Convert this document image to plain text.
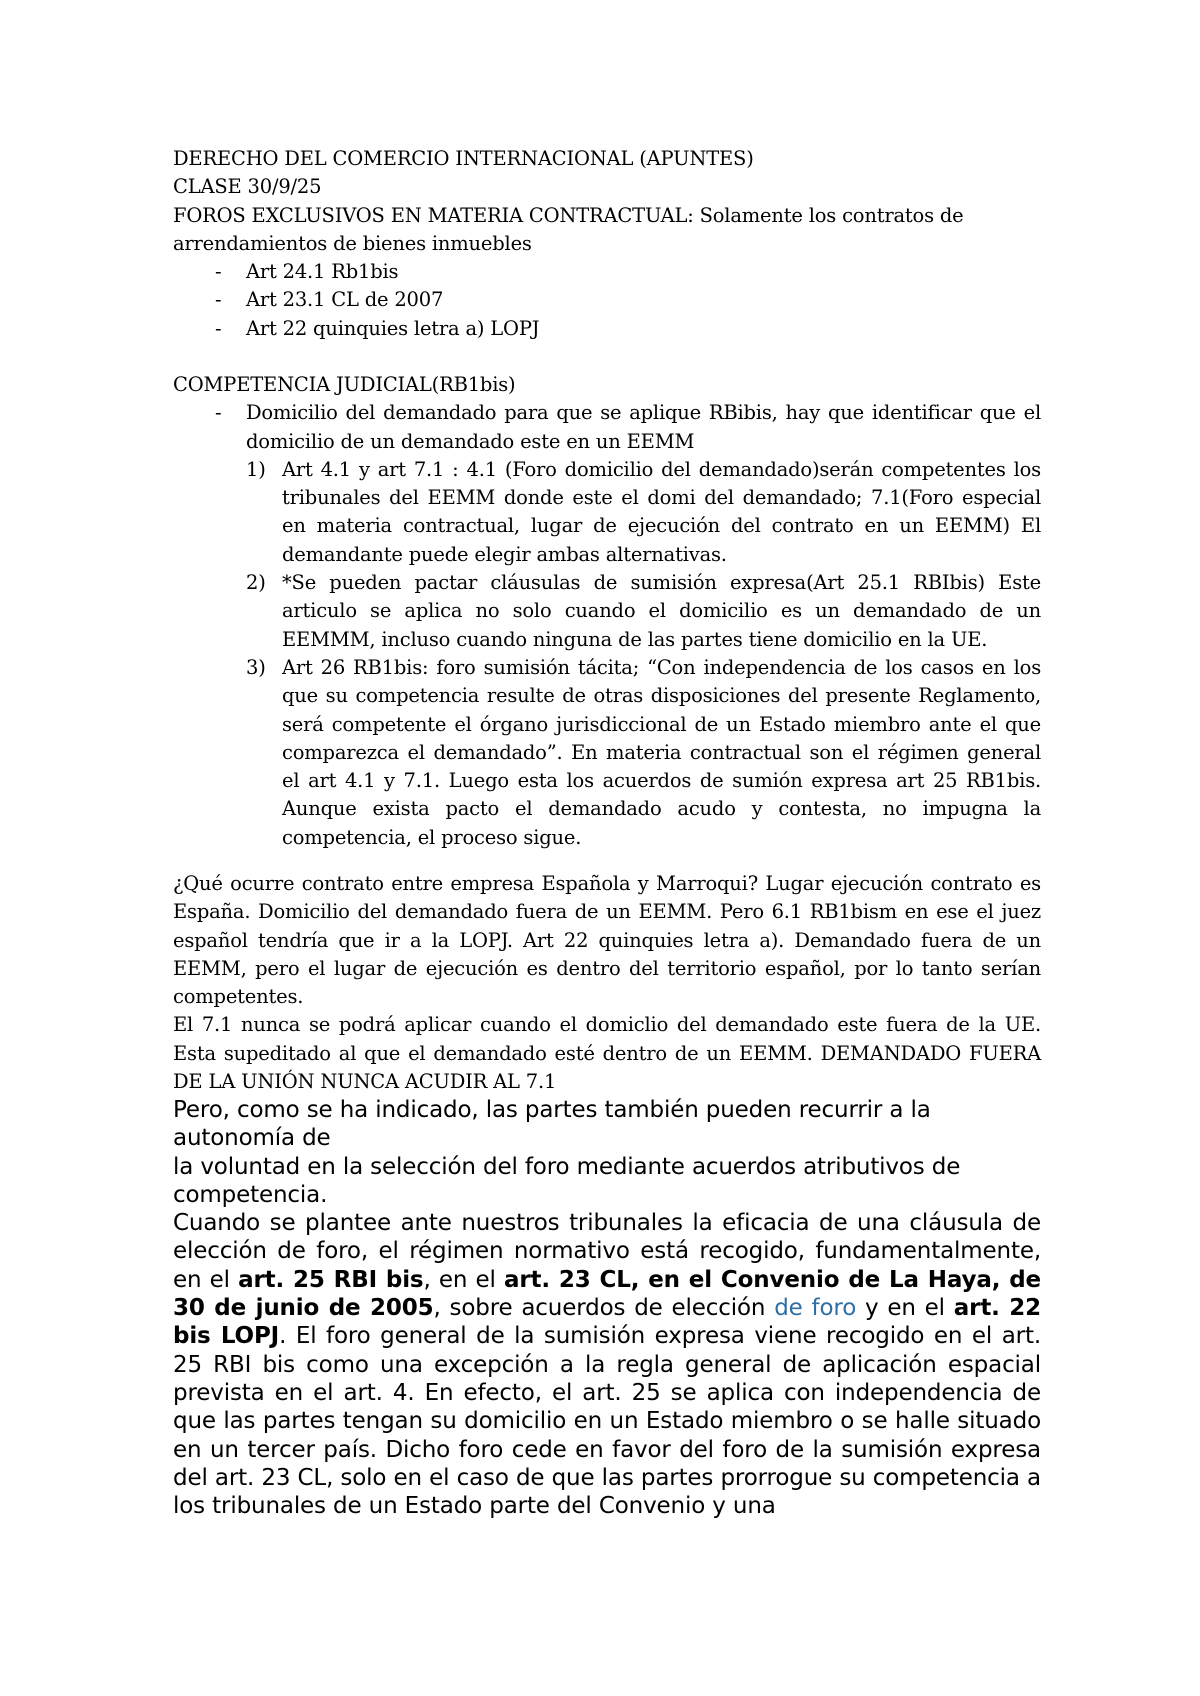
DERECHO DEL COMERCIO INTERNACIONAL (APUNTES)
CLASE 30/9/25
FOROS EXCLUSIVOS EN MATERIA CONTRACTUAL: Solamente los contratos de arrendamientos de bienes inmuebles
- Art 24.1 Rb1bis
- Art 23.1 CL de 2007
- Art 22 quinquies letra a) LOPJ
COMPETENCIA JUDICIAL(RB1bis)
- Domicilio del demandado para que se aplique RBibis, hay que identificar que el domicilio de un demandado este en un EEMM
1) Art 4.1 y art 7.1 : 4.1 (Foro domicilio del demandado)serán competentes los tribunales del EEMM donde este el domi del demandado; 7.1(Foro especial en materia contractual, lugar de ejecución del contrato en un EEMM) El demandante puede elegir ambas alternativas.
2) *Se pueden pactar cláusulas de sumisión expresa(Art 25.1 RBIbis) Este articulo se aplica no solo cuando el domicilio es un demandado de un EEMMM, incluso cuando ninguna de las partes tiene domicilio en la UE.
3) Art 26 RB1bis: foro sumisión tácita; “Con independencia de los casos en los que su competencia resulte de otras disposiciones del presente Reglamento, será competente el órgano jurisdiccional de un Estado miembro ante el que comparezca el demandado”. En materia contractual son el régimen general el art 4.1 y 7.1. Luego esta los acuerdos de sumión expresa art 25 RB1bis. Aunque exista pacto el demandado acudo y contesta, no impugna la competencia, el proceso sigue.
¿Qué ocurre contrato entre empresa Española y Marroqui? Lugar ejecución contrato es España. Domicilio del demandado fuera de un EEMM. Pero 6.1 RB1bism en ese el juez español tendría que ir a la LOPJ. Art 22 quinquies letra a). Demandado fuera de un EEMM, pero el lugar de ejecución es dentro del territorio español, por lo tanto serían competentes.
El 7.1 nunca se podrá aplicar cuando el domiclio del demandado este fuera de la UE. Esta supeditado al que el demandado esté dentro de un EEMM. DEMANDADO FUERA DE LA UNIÓN NUNCA ACUDIR AL 7.1

Pero, como se ha indicado, las partes también pueden recurrir a la

autonomía de

la voluntad en la selección del foro mediante acuerdos atributivos de

competencia.

Cuando se plantee ante nuestros tribunales la eficacia de una cláusula de elección de foro, el régimen normativo está recogido, fundamentalmente, en el art. 25 RBI bis, en el art. 23 CL, en el Convenio de La Haya, de 30 de junio de 2005, sobre acuerdos de elección de foro y en el art. 22 bis LOPJ. El foro general de la sumisión expresa viene recogido en el art. 25 RBI bis como una excepción a la regla general de aplicación espacial prevista en el art. 4. En efecto, el art. 25 se aplica con independencia de que las partes tengan su domicilio en un Estado miembro o se halle situado en un tercer país. Dicho foro cede en favor del foro de la sumisión expresa del art. 23 CL, solo en el caso de que las partes prorrogue su competencia a los tribunales de un Estado parte del Convenio y una
